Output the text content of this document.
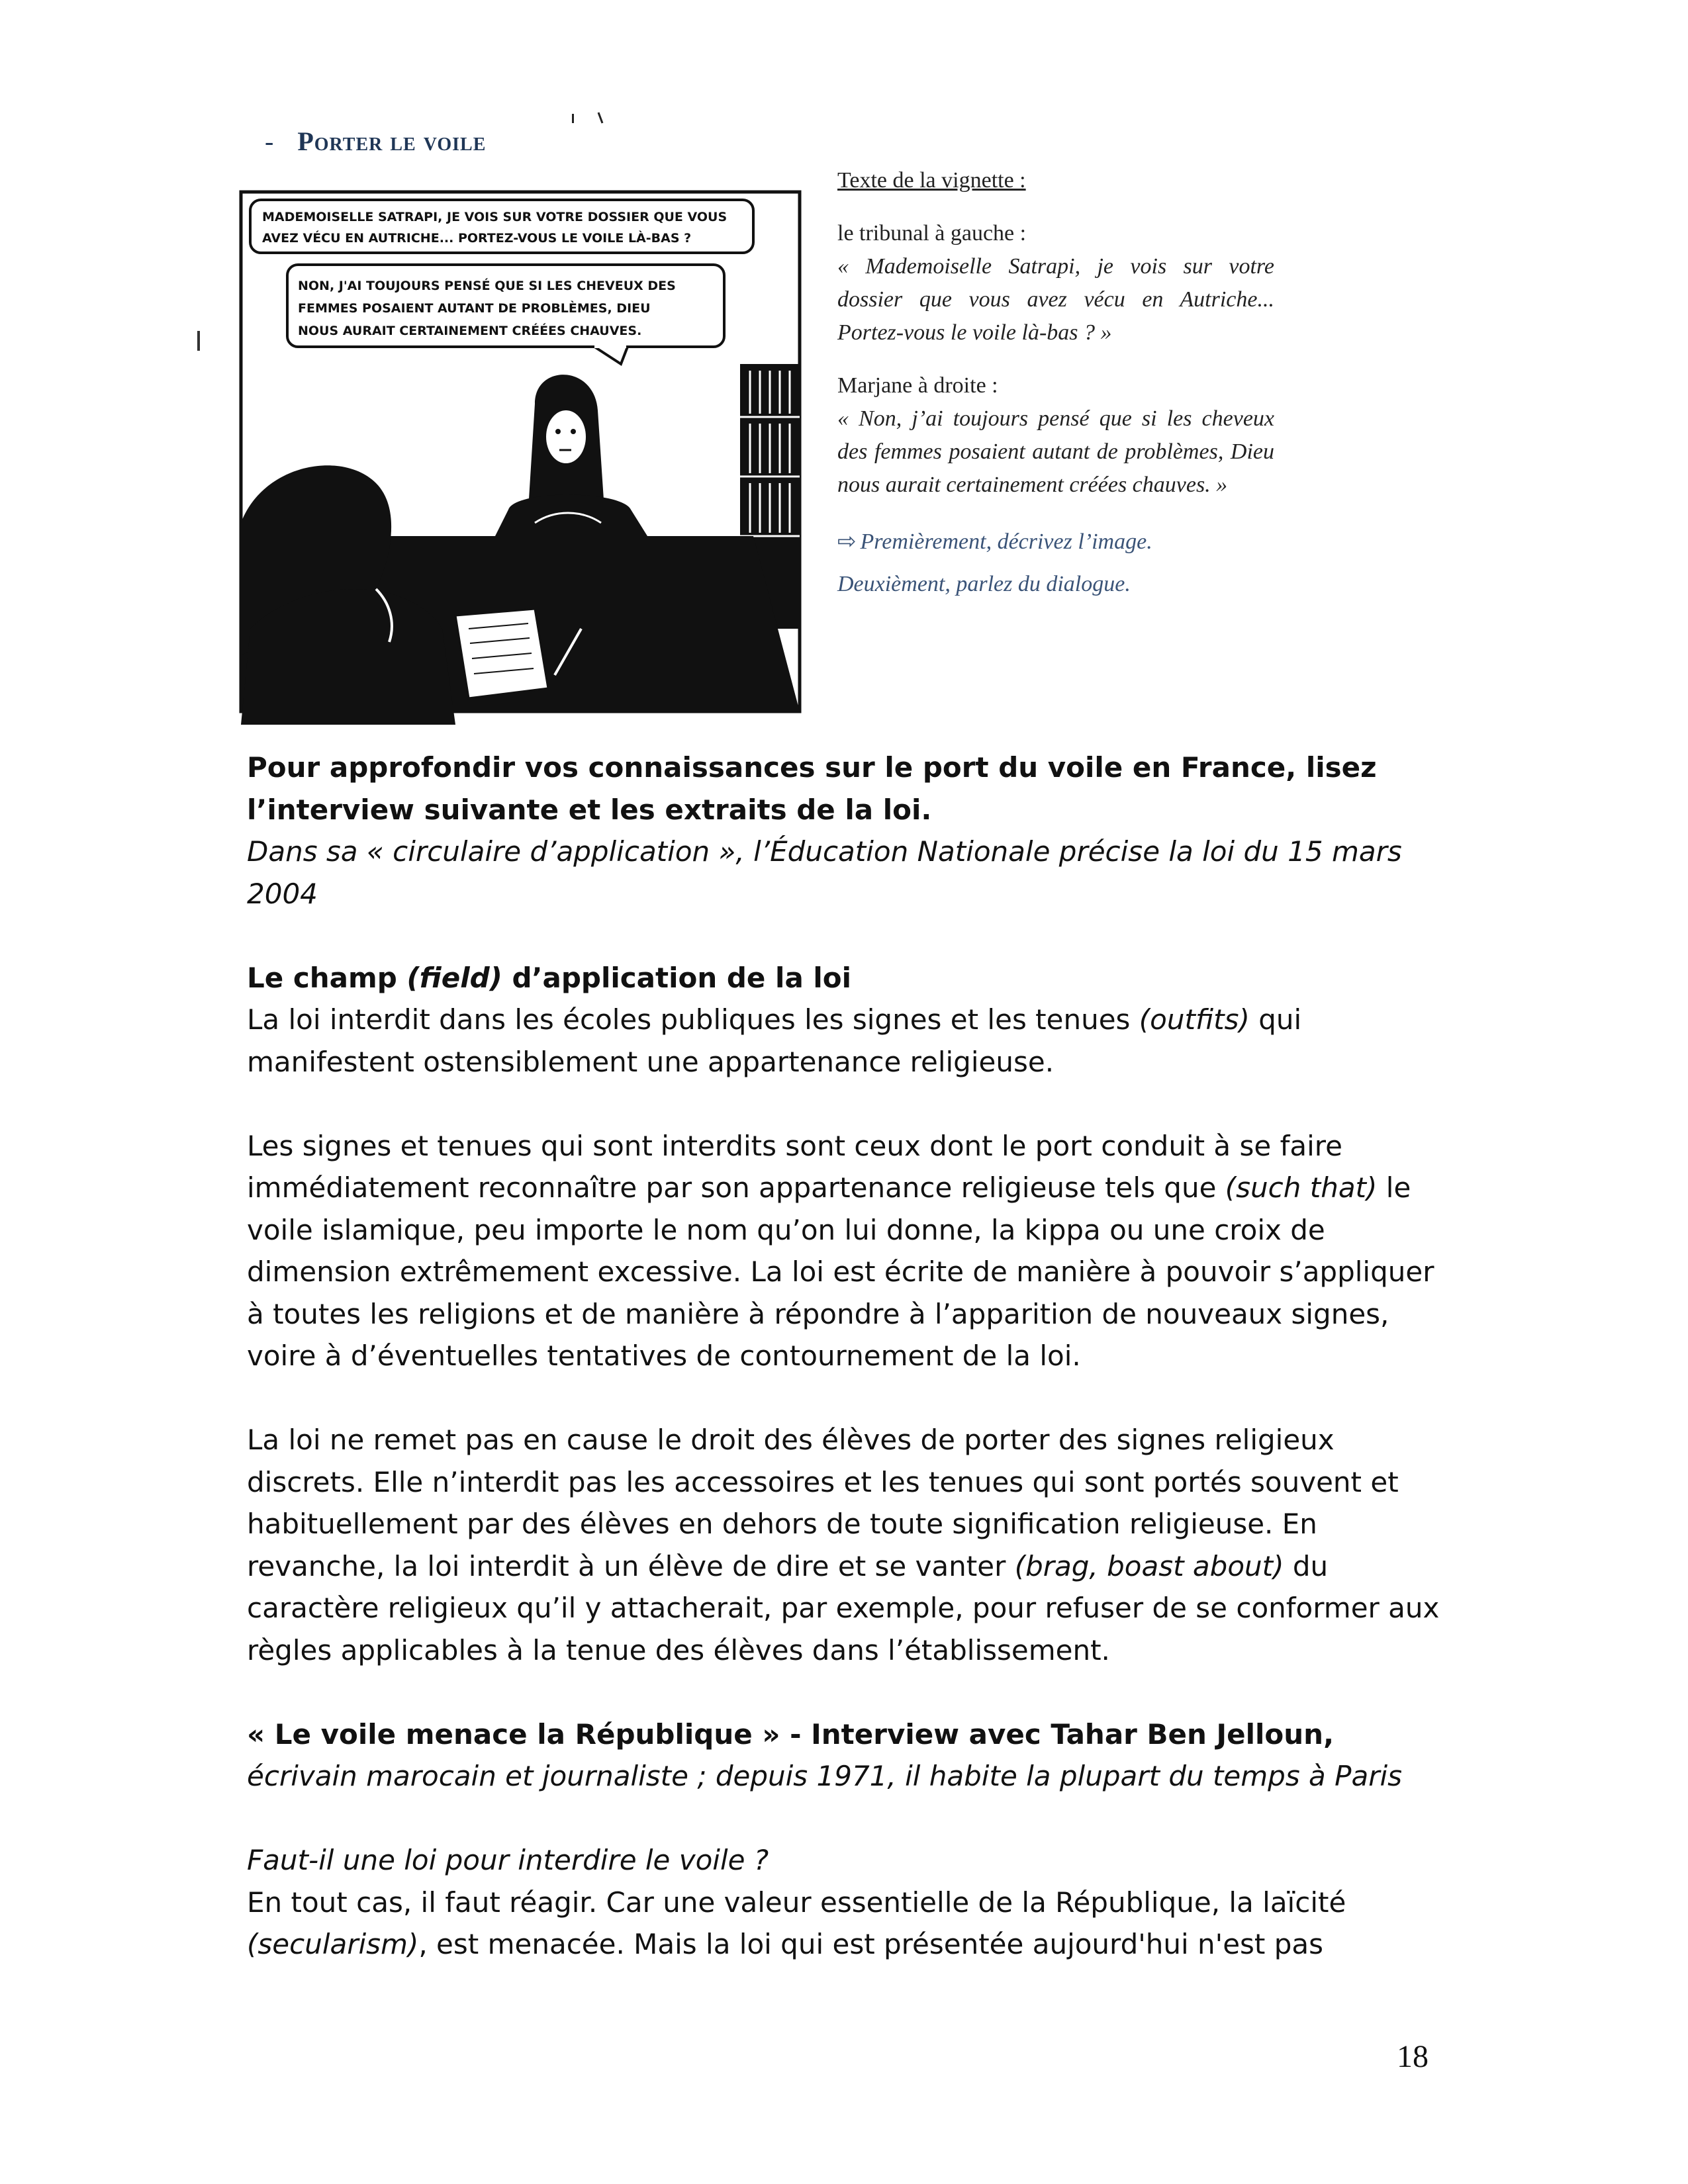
- Porter le voile
MADEMOISELLE SATRAPI, JE VOIS SUR VOTRE DOSSIER QUE VOUS
AVEZ VÉCU EN AUTRICHE... PORTEZ-VOUS LE VOILE LÀ-BAS ?
NON, J'AI TOUJOURS PENSÉ QUE SI LES CHEVEUX DES
FEMMES POSAIENT AUTANT DE PROBLÈMES, DIEU
NOUS AURAIT CERTAINEMENT CRÉÉES CHAUVES.
Texte de la vignette :
le tribunal à gauche :
« Mademoiselle Satrapi, je vois sur votre dossier que vous avez vécu en Autriche... Portez-vous le voile là-bas ? »
Marjane à droite :
« Non, j’ai toujours pensé que si les cheveux des femmes posaient autant de problèmes, Dieu nous aurait certainement créées chauves. »
⇨ Premièrement, décrivez l’image.
Deuxièment, parlez du dialogue.

Pour approfondir vos connaissances sur le port du voile en France, lisez l’interview suivante et les extraits de la loi.

Dans sa « circulaire d’application », l’Éducation Nationale précise la loi du 15 mars 2004

Le champ (field) d’application de la loi

La loi interdit dans les écoles publiques les signes et les tenues (outfits) qui manifestent ostensiblement une appartenance religieuse.

Les signes et tenues qui sont interdits sont ceux dont le port conduit à se faire immédiatement reconnaître par son appartenance religieuse tels que (such that) le voile islamique, peu importe le nom qu’on lui donne, la kippa ou une croix de dimension extrêmement excessive. La loi est écrite de manière à pouvoir s’appliquer à toutes les religions et de manière à répondre à l’apparition de nouveaux signes, voire à d’éventuelles tentatives de contournement de la loi.

La loi ne remet pas en cause le droit des élèves de porter des signes religieux discrets. Elle n’interdit pas les accessoires et les tenues qui sont portés souvent et habituellement par des élèves en dehors de toute signification religieuse. En revanche, la loi interdit à un élève de dire et se vanter (brag, boast about) du caractère religieux qu’il y attacherait, par exemple, pour refuser de se conformer aux règles applicables à la tenue des élèves dans l’établissement.

« Le voile menace la République » - Interview avec Tahar Ben Jelloun, écrivain marocain et journaliste ; depuis 1971, il habite la plupart du temps à Paris

Faut-il une loi pour interdire le voile ?

En tout cas, il faut réagir. Car une valeur essentielle de la République, la laïcité (secularism), est menacée. Mais la loi qui est présentée aujourd'hui n'est pas

18
